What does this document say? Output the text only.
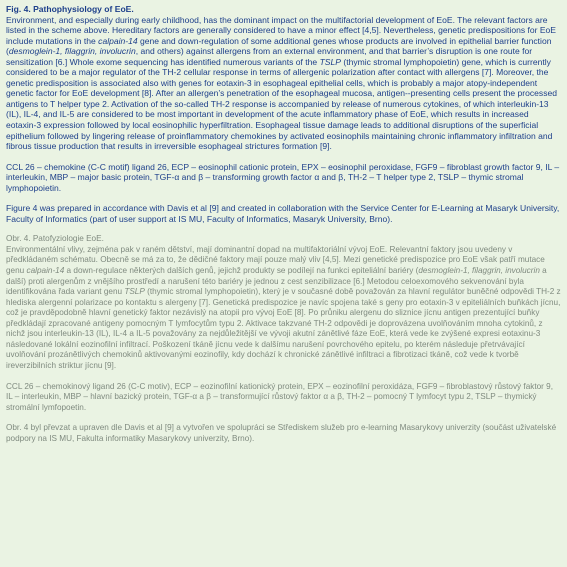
Fig. 4. Pathophysiology of EoE.

Environment, and especially during early childhood, has the dominant impact on the multifactorial development of EoE. The relevant factors are listed in the scheme above. Hereditary factors are generally considered to have a minor effect [4,5]. Nevertheless, genetic predispositions for EoE include mutations in the calpain-14 gene and down-regulation of some additional genes whose products are involved in epithelial barrier function (desmoglein-1, filaggrin, involucrin, and others) against allergens from an external environment, and that barrier’s disruption is one route for sensitization [6.] Whole exome sequencing has identified numerous variants of the TSLP (thymic stromal lymphopoietin) gene, which is currently considered to be a major regulator of the TH-2 cellular response in terms of allergenic polarization after contact with allergens [7]. Moreover, the genetic predisposition is associated also with genes for eotaxin-3 in esophageal epithelial cells, which is probably a major atopy-independent genetic factor for EoE development [8]. After an allergen’s penetration of the esophageal mucosa, antigen--presenting cells present the processed antigens to T helper type 2. Activation of the so-called TH-2 response is accompanied by release of numerous cytokines, of which interleukin-13 (IL), IL-4, and IL-5 are considered to be most important in development of the acute inflammatory phase of EoE, which results in increased eotaxin-3 expression followed by local eosinophilic hyperfiltration. Esophageal tissue damage leads to additional disruptions of the superficial epithelium followed by lingering release of proinflammatory chemokines by activated eosinophils maintaining chronic inflammatory infiltration and fibrous tissue production that results in irreversible esophageal strictures formation [9].

CCL 26 – chemokine (C-C motif) ligand 26, ECP – eosinophil cationic protein, EPX – eosinophil peroxidase, FGF9 – fibroblast growth factor 9, IL – interleukin, MBP – major basic protein, TGF-α and β – transforming growth factor α and β, TH-2 – T helper type 2, TSLP – thymic stromal lymphopoietin.

Figure 4 was prepared in accordance with Davis et al [9] and created in collaboration with the Service Center for E-Learning at Masaryk University, Faculty of Informatics (part of user support at IS MU, Faculty of Informatics, Masaryk University, Brno).

Obr. 4. Patofyziologie EoE.

Environmentální vlivy, zejména pak v raném dětství, mají dominantní dopad na multifaktoriální vývoj EoE. Relevantní faktory jsou uvedeny v předkládaném schématu. Obecně se má za to, že dědičné faktory mají pouze malý vliv [4,5]. Mezi genetické predispozice pro EoE však patří mutace genu calpain-14 a down-regulace některých dalších genů, jejichž produkty se podílejí na funkci epiteliální bariéry (desmoglein-1, filaggrin, involucrin a další) proti alergenům z vnějšího prostředí a narušení této bariéry je jednou z cest senzibilizace [6.] Metodou celoexomového sekvenování byla identifikována řada variant genu TSLP (thymic stromal lymphopoietin), který je v současné době považován za hlavní regulátor buněčné odpovědi TH-2 z hlediska alergenní polarizace po kontaktu s alergeny [7]. Genetická predispozice je navíc spojena také s geny pro eotaxin-3 v epiteliálních buňkách jícnu, což je pravděpodobně hlavní genetický faktor nezávislý na atopii pro vývoj EoE [8]. Po průniku alergenu do sliznice jícnu antigen prezentující buňky předkládají zpracované antigeny pomocným T lymfocytům typu 2. Aktivace takzvané TH-2 odpovědi je doprovázena uvolňováním mnoha cytokinů, z nichž jsou interleukin-13 (IL), IL-4 a IL-5 považovány za nejdůležitější ve vývoji akutní zánětlivé fáze EoE, která vede ke zvýšené expresi eotaxinu-3 následované lokální eozinofilní infiltrací. Poškození tkáně jícnu vede k dalšímu narušení povrchového epitelu, po kterém následuje přetrvávající uvolňování prozánětlivých chemokinů aktivovanými eozinofily, kdy dochází k chronické zánětlivé infiltraci a fibrotizaci tkáně, což vede k tvorbě ireverzibilních striktur jícnu [9].

CCL 26 – chemokinový ligand 26 (C-C motiv), ECP – eozinofilní kationický protein, EPX – eozinofilní peroxidáza, FGF9 – fibroblastový růstový faktor 9, IL – interleukin, MBP – hlavní bazický protein, TGF-α a β – transformující růstový faktor α a β, TH-2 – pomocný T lymfocyt typu 2, TSLP – thymický stromální lymfopoetin.

Obr. 4 byl převzat a upraven dle Davis et al [9] a vytvořen ve spolupráci se Střediskem služeb pro e-learning Masarykovy univerzity (součást uživatelské podpory na IS MU, Fakulta informatiky Masarykovy univerzity, Brno).
